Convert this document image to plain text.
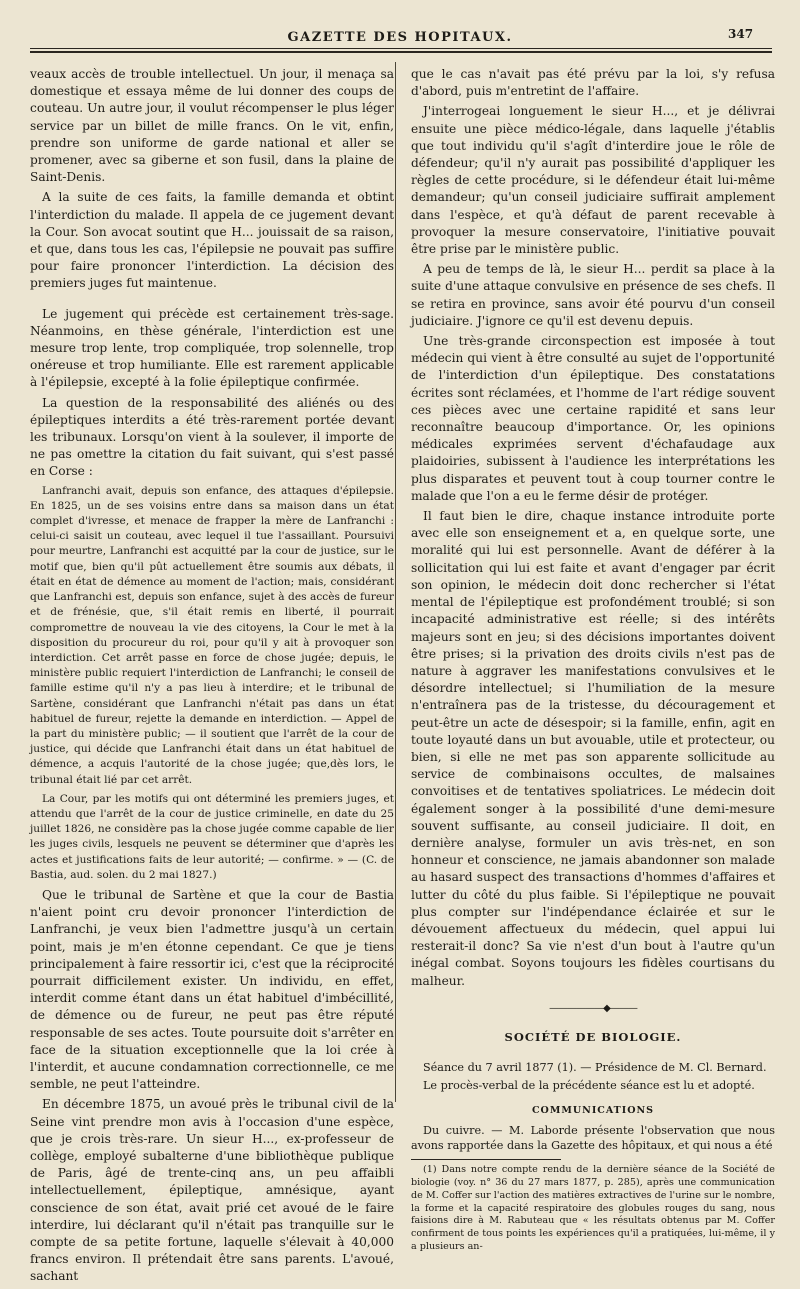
GAZETTE DES HOPITAUX.	347

veaux accès de trouble intellectuel. Un jour, il menaça sa domestique et essaya même de lui donner des coups de couteau. Un autre jour, il voulut récompenser le plus léger service par un billet de mille francs. On le vit, enfin, prendre son uniforme de garde national et aller se promener, avec sa giberne et son fusil, dans la plaine de Saint-Denis.

A la suite de ces faits, la famille demanda et obtint l'interdiction du malade. Il appela de ce jugement devant la Cour. Son avocat soutint que H... jouissait de sa raison, et que, dans tous les cas, l'épilepsie ne pouvait pas suffire pour faire prononcer l'interdiction. La décision des premiers juges fut maintenue.

Le jugement qui précède est certainement très-sage. Néanmoins, en thèse générale, l'interdiction est une mesure trop lente, trop compliquée, trop solennelle, trop onéreuse et trop humiliante. Elle est rarement applicable à l'épilepsie, excepté à la folie épileptique confirmée.

La question de la responsabilité des aliénés ou des épileptiques interdits a été très-rarement portée devant les tribunaux. Lorsqu'on vient à la soulever, il importe de ne pas omettre la citation du fait suivant, qui s'est passé en Corse :

Lanfranchi avait, depuis son enfance, des attaques d'épilepsie. En 1825, un de ses voisins entre dans sa maison dans un état complet d'ivresse, et menace de frapper la mère de Lanfranchi : celui-ci saisit un couteau, avec lequel il tue l'assaillant. Poursuivi pour meurtre, Lanfranchi est acquitté par la cour de justice, sur le motif que, bien qu'il pût actuellement être soumis aux débats, il était en état de démence au moment de l'action; mais, considérant que Lanfranchi est, depuis son enfance, sujet à des accès de fureur et de frénésie, que, s'il était remis en liberté, il pourrait compromettre de nouveau la vie des citoyens, la Cour le met à la disposition du procureur du roi, pour qu'il y ait à provoquer son interdiction. Cet arrêt passe en force de chose jugée; depuis, le ministère public requiert l'interdiction de Lanfranchi; le conseil de famille estime qu'il n'y a pas lieu à interdire; et le tribunal de Sartène, considérant que Lanfranchi n'était pas dans un état habituel de fureur, rejette la demande en interdiction. — Appel de la part du ministère public; — il soutient que l'arrêt de la cour de justice, qui décide que Lanfranchi était dans un état habituel de démence, a acquis l'autorité de la chose jugée; que,dès lors, le tribunal était lié par cet arrêt.

La Cour, par les motifs qui ont déterminé les premiers juges, et attendu que l'arrêt de la cour de justice criminelle, en date du 25 juillet 1826, ne considère pas la chose jugée comme capable de lier les juges civils, lesquels ne peuvent se déterminer que d'après les actes et justifications faits de leur autorité; — confirme. » — (C. de Bastia, aud. solen. du 2 mai 1827.)

Que le tribunal de Sartène et que la cour de Bastia n'aient point cru devoir prononcer l'interdiction de Lanfranchi, je veux bien l'admettre jusqu'à un certain point, mais je m'en étonne cependant. Ce que je tiens principalement à faire ressortir ici, c'est que la réciprocité pourrait difficilement exister. Un individu, en effet, interdit comme étant dans un état habituel d'imbécillité, de démence ou de fureur, ne peut pas être réputé responsable de ses actes. Toute poursuite doit s'arrêter en face de la situation exceptionnelle que la loi crée à l'interdit, et aucune condamnation correctionnelle, ce me semble, ne peut l'atteindre.

En décembre 1875, un avoué près le tribunal civil de la Seine vint prendre mon avis à l'occasion d'une espèce, que je crois très-rare. Un sieur H..., ex-professeur de collège, employé subalterne d'une bibliothèque publique de Paris, âgé de trente-cinq ans, un peu affaibli intellectuellement, épileptique, amnésique, ayant conscience de son état, avait prié cet avoué de le faire interdire, lui déclarant qu'il n'était pas tranquille sur le compte de sa petite fortune, laquelle s'élevait à 40,000 francs environ. Il prétendait être sans parents. L'avoué, sachant

que le cas n'avait pas été prévu par la loi, s'y refusa d'abord, puis m'entretint de l'affaire.

J'interrogeai longuement le sieur H..., et je délivrai ensuite une pièce médico-légale, dans laquelle j'établis que tout individu qu'il s'agît d'interdire joue le rôle de défendeur; qu'il n'y aurait pas possibilité d'appliquer les règles de cette procédure, si le défendeur était lui-même demandeur; qu'un conseil judiciaire suffirait amplement dans l'espèce, et qu'à défaut de parent recevable à provoquer la mesure conservatoire, l'initiative pouvait être prise par le ministère public.

A peu de temps de là, le sieur H... perdit sa place à la suite d'une attaque convulsive en présence de ses chefs. Il se retira en province, sans avoir été pourvu d'un conseil judiciaire. J'ignore ce qu'il est devenu depuis.

Une très-grande circonspection est imposée à tout médecin qui vient à être consulté au sujet de l'opportunité de l'interdiction d'un épileptique. Des constatations écrites sont réclamées, et l'homme de l'art rédige souvent ces pièces avec une certaine rapidité et sans leur reconnaître beaucoup d'importance. Or, les opinions médicales exprimées servent d'échafaudage aux plaidoiries, subissent à l'audience les interprétations les plus disparates et peuvent tout à coup tourner contre le malade que l'on a eu le ferme désir de protéger.

Il faut bien le dire, chaque instance introduite porte avec elle son enseignement et a, en quelque sorte, une moralité qui lui est personnelle. Avant de déférer à la sollicitation qui lui est faite et avant d'engager par écrit son opinion, le médecin doit donc rechercher si l'état mental de l'épileptique est profondément troublé; si son incapacité administrative est réelle; si des intérêts majeurs sont en jeu; si des décisions importantes doivent être prises; si la privation des droits civils n'est pas de nature à aggraver les manifestations convulsives et le désordre intellectuel; si l'humiliation de la mesure n'entraînera pas de la tristesse, du découragement et peut-être un acte de désespoir; si la famille, enfin, agit en toute loyauté dans un but avouable, utile et protecteur, ou bien, si elle ne met pas son apparente sollicitude au service de combinaisons occultes, de malsaines convoitises et de tentatives spoliatrices. Le médecin doit également songer à la possibilité d'une demi-mesure souvent suffisante, au conseil judiciaire. Il doit, en dernière analyse, formuler un avis très-net, en son honneur et conscience, ne jamais abandonner son malade au hasard suspect des transactions d'hommes d'affaires et lutter du côté du plus faible. Si l'épileptique ne pouvait plus compter sur l'indépendance éclairée et sur le dévouement affectueux du médecin, quel appui lui resterait-il donc? Sa vie n'est d'un bout à l'autre qu'un inégal combat. Soyons toujours les fidèles courtisans du malheur.

——————◆———
SOCIÉTÉ DE BIOLOGIE.

Séance du 7 avril 1877 (1). — Présidence de M. Cl. Bernard.

Le procès-verbal de la précédente séance est lu et adopté.

COMMUNICATIONS

Du cuivre. — M. Laborde présente l'observation que nous avons rapportée dans la Gazette des hôpitaux, et qui nous a été

(1) Dans notre compte rendu de la dernière séance de la Société de biologie (voy. n° 36 du 27 mars 1877, p. 285), après une communication de M. Coffer sur l'action des matières extractives de l'urine sur le nombre, la forme et la capacité respiratoire des globules rouges du sang, nous faisions dire à M. Rabuteau que « les résultats obtenus par M. Coffer confirment de tous points les expériences qu'il a pratiquées, lui-même, il y a plusieurs an-
